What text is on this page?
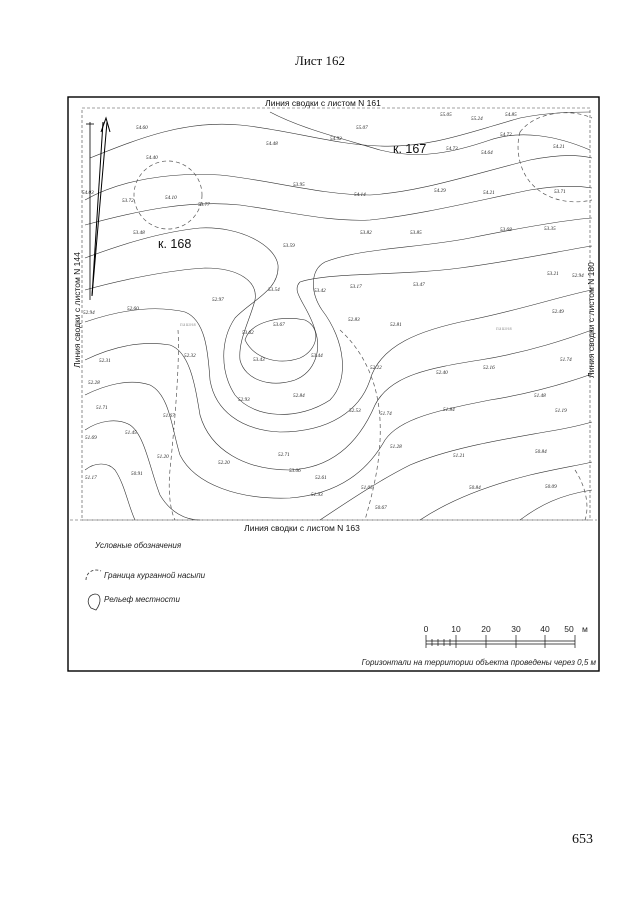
Лист 162
Линия сводки с листом N 161
Линия сводки с листом N 163
Линия сводки с листом N 144	Линия сводки с листом N 180
к. 167
к. 168
пашня
пашня
55.05
55.24
54.85
54.60	55.07
54.72
54.92
54.48
54.73
54.64
54.21
54.40
54.03
53.72	54.10
53.77
53.95
54.14
54.29	54.21	53.71
53.48	53.82	53.85	53.68	53.35
53.59
53.21	52.94
53.17	53.47
52.97
53.54	53.42
52.60
52.94	52.49
53.62
53.67
52.83
52.81
52.31
52.32
53.43
53.44
52.22
52.40
52.16
51.74
52.28
52.93
52.84	51.48
51.71
51.67
52.53	51.74
51.84	51.19
51.45
51.69
51.28
51.20
52.20
52.71	51.21
50.84
50.91	53.06
52.61
51.17
50.84	50.09
51.93
51.05
50.67
Условные обозначения
Граница курганной насыпи
Рельеф местности
0	10 20 30 40 50 м
Горизонтали на территории объекта проведены через 0,5 м
653
